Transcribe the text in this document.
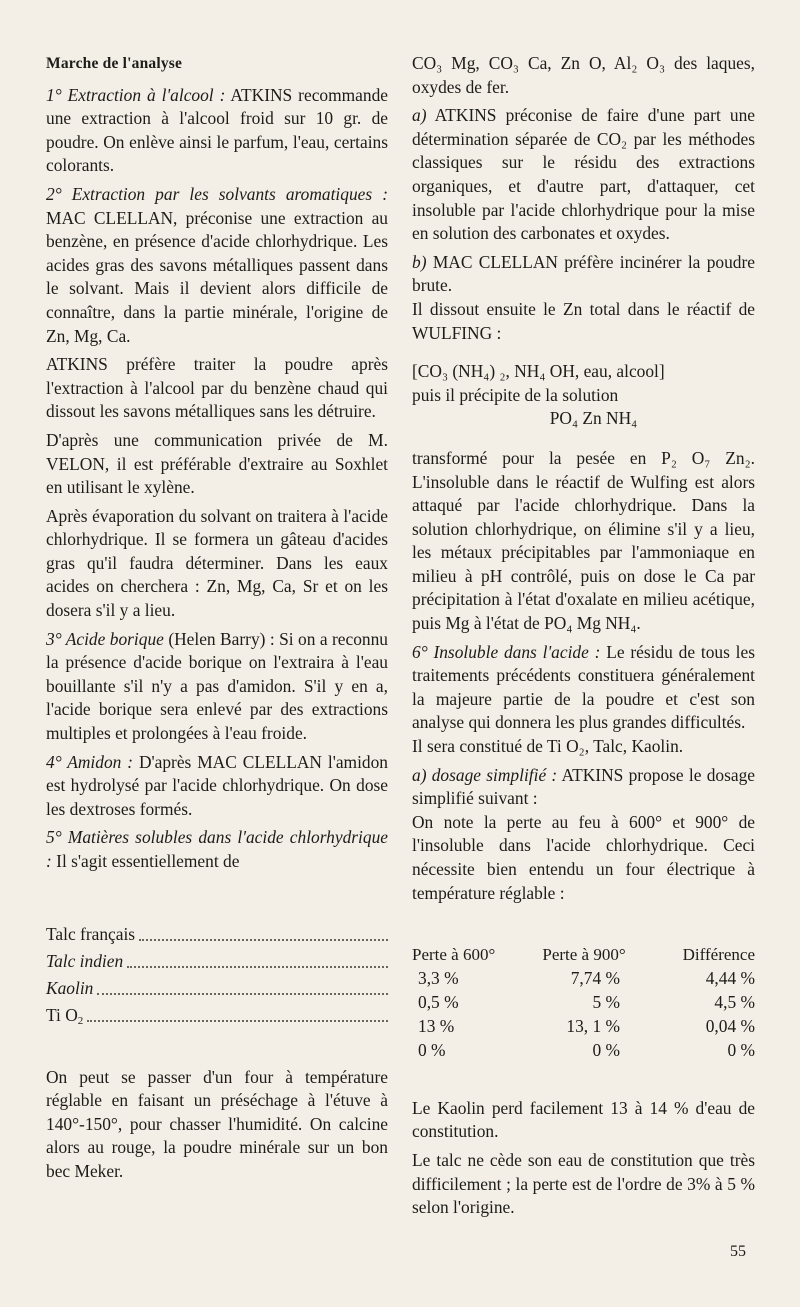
Marche de l'analyse

1° Extraction à l'alcool : ATKINS recommande une extraction à l'alcool froid sur 10 gr. de poudre. On enlève ainsi le parfum, l'eau, certains colorants.

2° Extraction par les solvants aromatiques : MAC CLELLAN, préconise une extraction au benzène, en présence d'acide chlorhydrique. Les acides gras des savons métalliques passent dans le solvant. Mais il devient alors difficile de connaître, dans la partie minérale, l'origine de Zn, Mg, Ca.

ATKINS préfère traiter la poudre après l'extraction à l'alcool par du benzène chaud qui dissout les savons métalliques sans les détruire.

D'après une communication privée de M. VELON, il est préférable d'extraire au Soxhlet en utilisant le xylène.

Après évaporation du solvant on traitera à l'acide chlorhydrique. Il se formera un gâteau d'acides gras qu'il faudra déterminer. Dans les eaux acides on cherchera : Zn, Mg, Ca, Sr et on les dosera s'il y a lieu.

3° Acide borique (Helen Barry) : Si on a reconnu la présence d'acide borique on l'extraira à l'eau bouillante s'il n'y a pas d'amidon. S'il y en a, l'acide borique sera enlevé par des extractions multiples et prolongées à l'eau froide.

4° Amidon : D'après MAC CLELLAN l'amidon est hydrolysé par l'acide chlorhydrique. On dose les dextroses formés.

5° Matières solubles dans l'acide chlorhydrique : Il s'agit essentiellement de

Talc français
Talc indien
Kaolin
Ti $O_2$

On peut se passer d'un four à température réglable en faisant un préséchage à l'étuve à 140°-150°, pour chasser l'humidité. On calcine alors au rouge, la poudre minérale sur un bon bec Meker.

CO₃ Mg, CO₃ Ca, Zn O, Al₂ O₃ des laques, oxydes de fer.

a) ATKINS préconise de faire d'une part une détermination séparée de CO₂ par les méthodes classiques sur le résidu des extractions organiques, et d'autre part, d'attaquer, cet insoluble par l'acide chlorhydrique pour la mise en solution des carbonates et oxydes.

b) MAC CLELLAN préfère incinérer la poudre brute.

Il dissout ensuite le Zn total dans le réactif de WULFING :

[CO₃ (NH₄) ₂, NH₄ OH, eau, alcool]

puis il précipite de la solution

PO₄ Zn NH₄

transformé pour la pesée en P₂ O₇ Zn₂. L'insoluble dans le réactif de Wulfing est alors attaqué par l'acide chlorhydrique. Dans la solution chlorhydrique, on élimine s'il y a lieu, les métaux précipitables par l'ammoniaque en milieu à pH contrôlé, puis on dose le Ca par précipitation à l'état d'oxalate en milieu acétique, puis Mg à l'état de PO₄ Mg NH₄.

6° Insoluble dans l'acide : Le résidu de tous les traitements précédents constituera généralement la majeure partie de la poudre et c'est son analyse qui donnera les plus grandes difficultés.

Il sera constitué de Ti O₂, Talc, Kaolin.

a) dosage simplifié : ATKINS propose le dosage simplifié suivant :

On note la perte au feu à 600° et 900° de l'insoluble dans l'acide chlorhydrique. Ceci nécessite bien entendu un four électrique à température réglable :

Perte à 600°	Perte à 900°	Différence
3,3 %	7,74 %	4,44 %
0,5 %	5 %	4,5 %
13 %	13, 1 %	0,04 %
0 %	0 %	0 %

Le Kaolin perd facilement 13 à 14 % d'eau de constitution.

Le talc ne cède son eau de constitution que très difficilement ; la perte est de l'ordre de 3% à 5 % selon l'origine.

55
